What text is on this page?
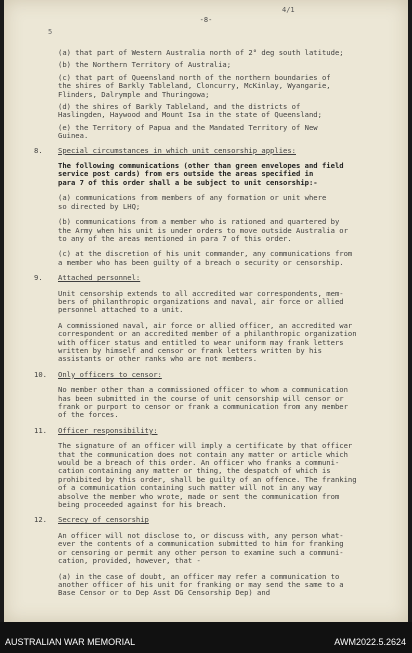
4/1
-8-
5
(a) that part of Western Australia north of 2° deg south latitude;
(b) the Northern Territory of Australia;
(c) that part of Queensland north of the northern boundaries of
the shires of Barkly Tableland, Cloncurry, McKinlay, Wyangarie,
Flinders, Dalrymple and Thuringowa;
(d) the shires of Barkly Tableland, and the districts of
Haslingden, Haywood and Mount Isa in the state of Queensland;
(e) the Territory of Papua and the Mandated Territory of New
Guinea.
8. Special circumstances in which unit censorship applies:
The following communications (other than green envelopes and field
service post cards) from ers outside the areas specified in
para 7 of this order shall a be subject to unit censorship:-
(a) communications from members of any formation or unit where
so directed by LHQ;
(b) communications from a member who is rationed and quartered by
the Army when his unit is under orders to move outside Australia or
to any of the areas mentioned in para 7 of this order.
(c) at the discretion of his unit commander, any communications from
a member who has been guilty of a breach o security or censorship.
9. Attached personnel:
Unit censorship extends to all accredited war correspondents, mem-
bers of philanthropic organizations and naval, air force or allied
personnel attached to a unit.
A commissioned naval, air force or allied officer, an accredited war
correspondent or an accredited member of a philanthropic organization
with officer status and entitled to wear uniform may frank letters
written by himself and censor or frank letters written by his
assistants or other ranks who are not members.
10. Only officers to censor:
No member other than a commissioned officer to whom a communication
has been submitted in the course of unit censorship will censor or
frank or purport to censor or frank a communication from any member
of the forces.
11. Officer responsibility:
The signature of an officer will imply a certificate by that officer
that the communication does not contain any matter or article which
would be a breach of this order. An officer who franks a communi-
cation containing any matter or thing, the despatch of which is
prohibited by this order, shall be guilty of an offence. The franking
of a communication containing such matter will not in any way
absolve the member who wrote, made or sent the communication from
being proceeded against for his breach.
12. Secrecy of censorship
An officer will not disclose to, or discuss with, any person what-
ever the contents of a communication submitted to him for franking
or censoring or permit any other person to examine such a communi-
cation, provided, however, that -
(a) in the case of doubt, an officer may refer a communication to
another officer of his unit for franking or may send the same to a
Base Censor or to Dep Asst DG Censorship Dep) and
AUSTRALIAN WAR MEMORIAL	AWM2022.5.2624
